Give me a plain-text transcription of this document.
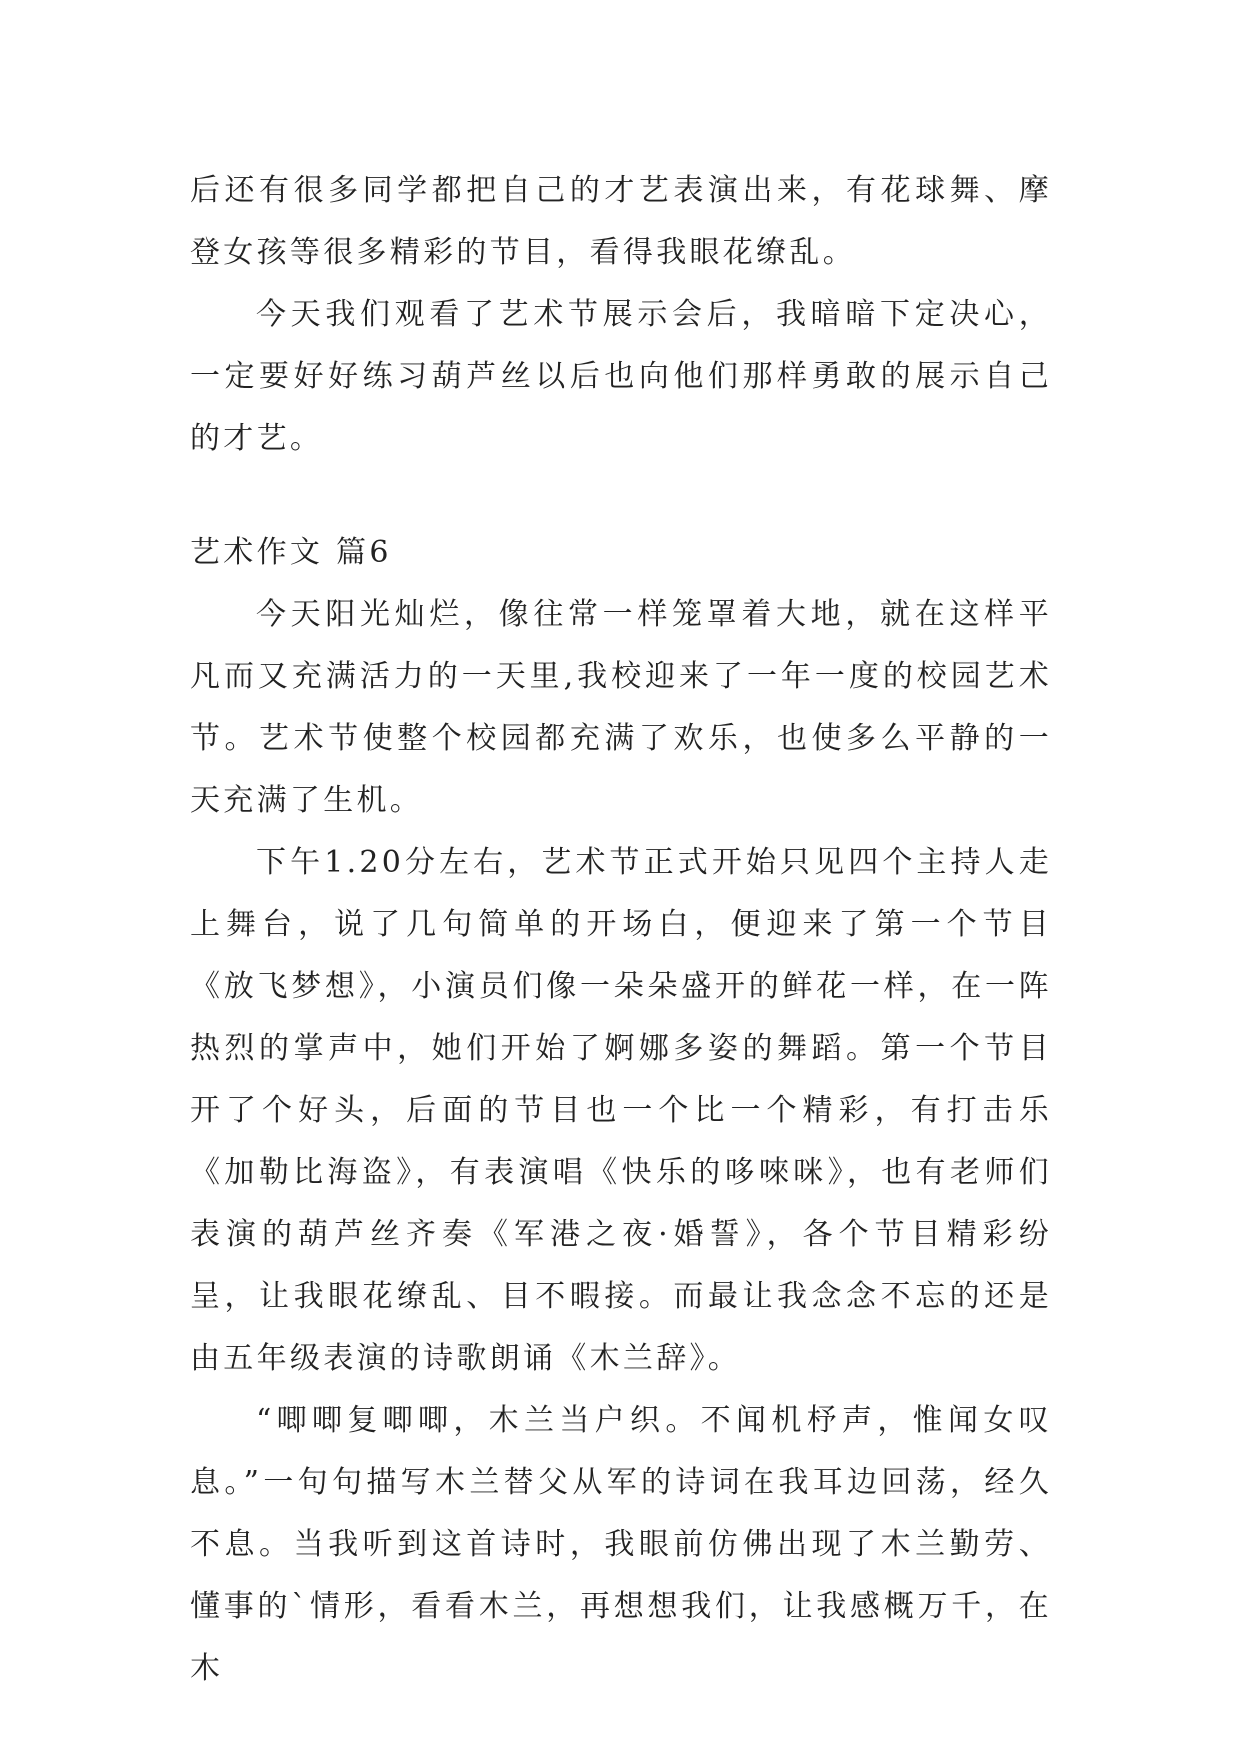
后还有很多同学都把自己的才艺表演出来，有花球舞、摩登女孩等很多精彩的节目，看得我眼花缭乱。

今天我们观看了艺术节展示会后，我暗暗下定决心，一定要好好练习葫芦丝以后也向他们那样勇敢的展示自己的才艺。

艺术作文 篇6

今天阳光灿烂，像往常一样笼罩着大地，就在这样平凡而又充满活力的一天里,我校迎来了一年一度的校园艺术节。艺术节使整个校园都充满了欢乐，也使多么平静的一天充满了生机。

下午1.20分左右，艺术节正式开始只见四个主持人走上舞台，说了几句简单的开场白，便迎来了第一个节目《放飞梦想》，小演员们像一朵朵盛开的鲜花一样，在一阵热烈的掌声中，她们开始了婀娜多姿的舞蹈。第一个节目开了个好头，后面的节目也一个比一个精彩，有打击乐《加勒比海盗》，有表演唱《快乐的哆唻咪》，也有老师们表演的葫芦丝齐奏《军港之夜·婚誓》，各个节目精彩纷呈，让我眼花缭乱、目不暇接。而最让我念念不忘的还是由五年级表演的诗歌朗诵《木兰辞》。

“唧唧复唧唧，木兰当户织。不闻机杼声，惟闻女叹息。”一句句描写木兰替父从军的诗词在我耳边回荡，经久不息。当我听到这首诗时，我眼前仿佛出现了木兰勤劳、懂事的`情形，看看木兰，再想想我们，让我感概万千，在木
